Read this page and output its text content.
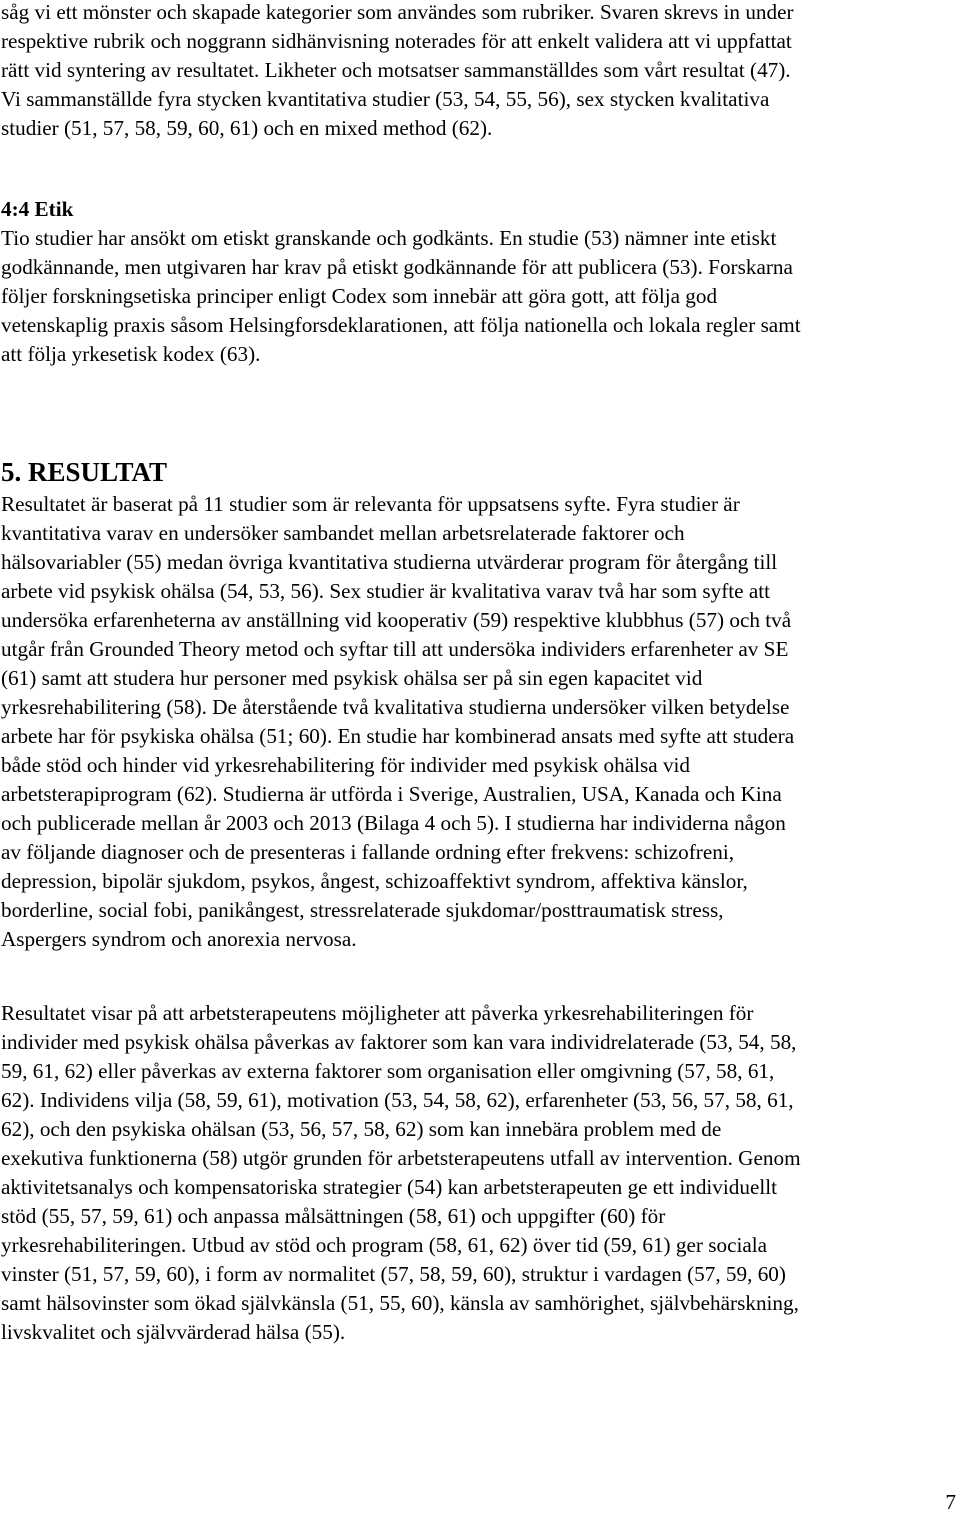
såg vi ett mönster och skapade kategorier som användes som rubriker. Svaren skrevs in under

respektive rubrik och noggrann sidhänvisning noterades för att enkelt validera att vi uppfattat

rätt vid syntering av resultatet. Likheter och motsatser sammanställdes som vårt resultat (47).

Vi sammanställde fyra stycken kvantitativa studier (53, 54, 55, 56), sex stycken kvalitativa

studier (51, 57, 58, 59, 60, 61) och en mixed method (62).

4:4 Etik

Tio studier har ansökt om etiskt granskande och godkänts. En studie (53) nämner inte etiskt

godkännande, men utgivaren har krav på etiskt godkännande för att publicera (53). Forskarna

följer forskningsetiska principer enligt Codex som innebär att göra gott, att följa god

vetenskaplig praxis såsom Helsingforsdeklarationen, att följa nationella och lokala regler samt

att följa yrkesetisk kodex (63).

5. RESULTAT

Resultatet är baserat på 11 studier som är relevanta för uppsatsens syfte. Fyra studier är

kvantitativa varav en undersöker sambandet mellan arbetsrelaterade faktorer och

hälsovariabler (55) medan övriga kvantitativa studierna utvärderar program för återgång till

arbete vid psykisk ohälsa (54, 53, 56). Sex studier är kvalitativa varav två har som syfte att

undersöka erfarenheterna av anställning vid kooperativ (59) respektive klubbhus (57) och två

utgår från Grounded Theory metod och syftar till att undersöka individers erfarenheter av SE

(61) samt att studera hur personer med psykisk ohälsa ser på sin egen kapacitet vid

yrkesrehabilitering (58). De återstående två kvalitativa studierna undersöker vilken betydelse

arbete har för psykiska ohälsa (51; 60). En studie har kombinerad ansats med syfte att studera

både stöd och hinder vid yrkesrehabilitering för individer med psykisk ohälsa vid

arbetsterapiprogram (62). Studierna är utförda i Sverige, Australien, USA, Kanada och Kina

och publicerade mellan år 2003 och 2013 (Bilaga 4 och 5). I studierna har individerna någon

av följande diagnoser och de presenteras i fallande ordning efter frekvens: schizofreni,

depression, bipolär sjukdom, psykos, ångest, schizoaffektivt syndrom, affektiva känslor,

borderline, social fobi, panikångest, stressrelaterade sjukdomar/posttraumatisk stress,

Aspergers syndrom och anorexia nervosa.

Resultatet visar på att arbetsterapeutens möjligheter att påverka yrkesrehabiliteringen för

individer med psykisk ohälsa påverkas av faktorer som kan vara individrelaterade (53, 54, 58,

59, 61, 62) eller påverkas av externa faktorer som organisation eller omgivning (57, 58, 61,

62). Individens vilja (58, 59, 61), motivation (53, 54, 58, 62), erfarenheter (53, 56, 57, 58, 61,

62), och den psykiska ohälsan (53, 56, 57, 58, 62) som kan innebära problem med de

exekutiva funktionerna (58) utgör grunden för arbetsterapeutens utfall av intervention. Genom

aktivitetsanalys och kompensatoriska strategier (54) kan arbetsterapeuten ge ett individuellt

stöd (55, 57, 59, 61) och anpassa målsättningen (58, 61) och uppgifter (60) för

yrkesrehabiliteringen. Utbud av stöd och program (58, 61, 62) över tid (59, 61) ger sociala

vinster (51, 57, 59, 60), i form av normalitet (57, 58, 59, 60), struktur i vardagen (57, 59, 60)

samt hälsovinster som ökad självkänsla (51, 55, 60), känsla av samhörighet, självbehärskning,

livskvalitet och självvärderad hälsa (55).

7
